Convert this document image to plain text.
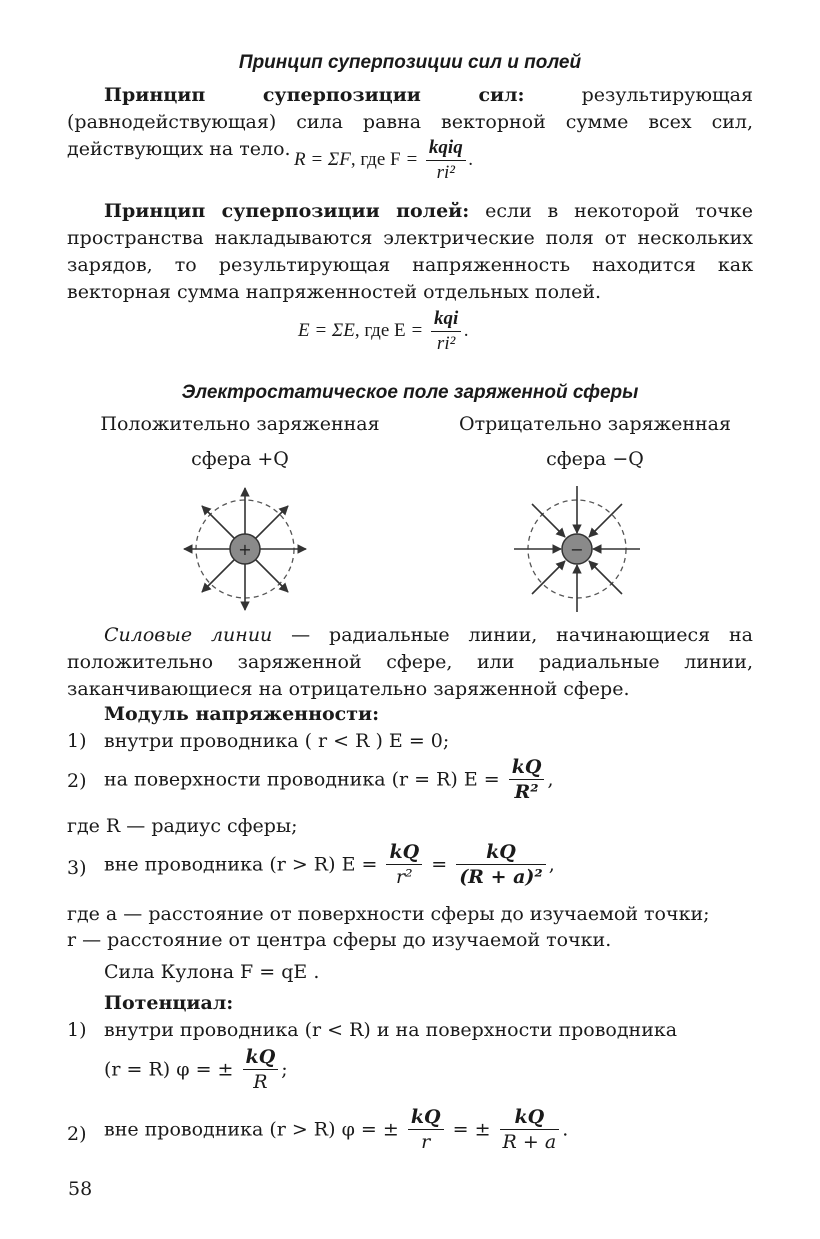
Принцип суперпозиции сил и полей
Принцип суперпозиции сил: результирующая (равнодействующая) сила равна векторной сумме всех сил, действующих на тело. R = ΣF, где $F = \frac{\text{kqiq}}{\text{ri²}}$ .
Принцип суперпозиции полей: если в некоторой точке пространства накладываются электрические поля от нескольких зарядов, то результирующая напряженность находится как векторная сумма напряженностей отдельных полей.
E = ΣE, где $E = \frac{\text{kqi}}{\text{ri²}}$ .
Электростатическое поле заряженной сферы
Положительно заряженная
сфера +Q
Отрицательно заряженная
сфера −Q
+	−
Силовые линии — радиальные линии, начинающиеся на положительно заряженной сфере, или радиальные линии, заканчивающиеся на отрицательно заряженной сфере.
Модуль напряженности:
1) внутри проводника ( r < R ) E = 0;
2) на поверхности проводника (r = R) $E = \frac{kQ}{\text{R²}}$ ,
где R — радиус сферы;
3) вне проводника (r > R) $E = \frac{kQ}{\text{r²}} = \frac{kQ}{\text{(R + a)²}}$ ,
где a — расстояние от поверхности сферы до изучаемой точки;
r — расстояние от центра сферы до изучаемой точки.
Сила Кулона F = qE .
Потенциал:
1) внутри проводника (r < R) и на поверхности проводника
(r = R) φ = ± $\frac{kQ}{R}$ ;
2) вне проводника (r > R) φ = ± $\frac{kQ}{r}$ = ± $\frac{kQ}{R + a}$ .
58
